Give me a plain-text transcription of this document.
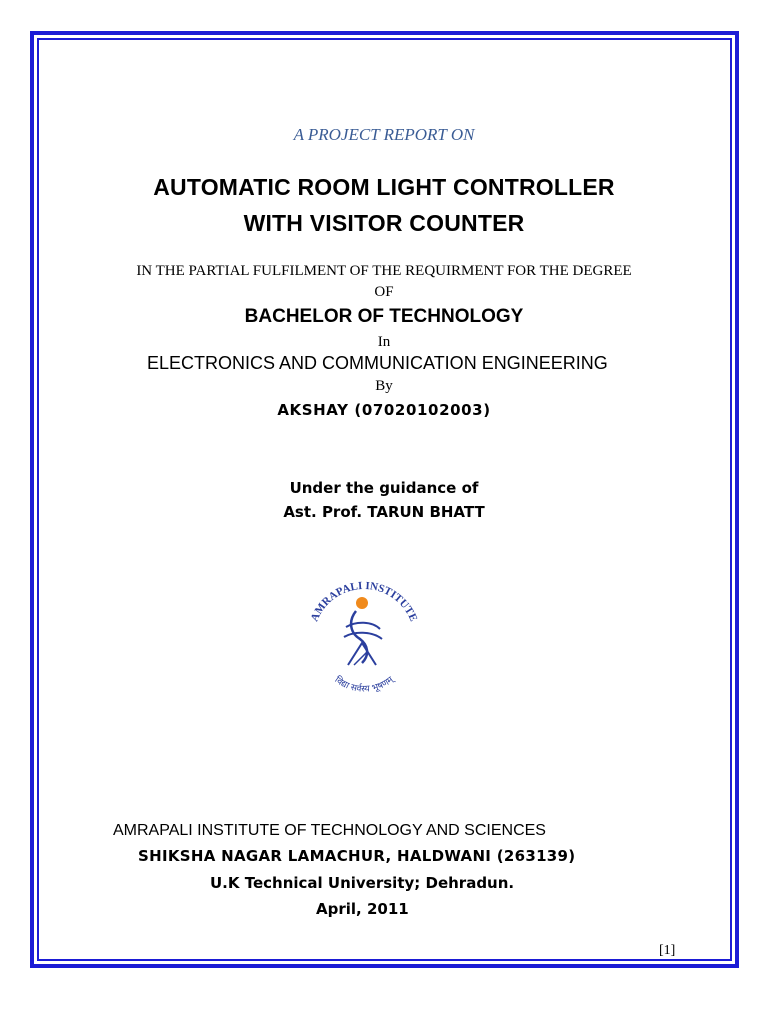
A PROJECT REPORT ON
AUTOMATIC ROOM LIGHT CONTROLLER
WITH VISITOR COUNTER
IN THE PARTIAL FULFILMENT OF THE REQUIRMENT FOR THE DEGREE
OF
BACHELOR OF TECHNOLOGY
In
ELECTRONICS AND COMMUNICATION ENGINEERING
By
AKSHAY (07020102003)
Under the guidance of
Ast. Prof. TARUN BHATT
AMRAPALI INSTITUTE
विद्या सर्वस्य भूषणम्
AMRAPALI INSTITUTE OF TECHNOLOGY AND SCIENCES
SHIKSHA NAGAR LAMACHUR, HALDWANI (263139)
U.K Technical University; Dehradun.
April, 2011
[1]
